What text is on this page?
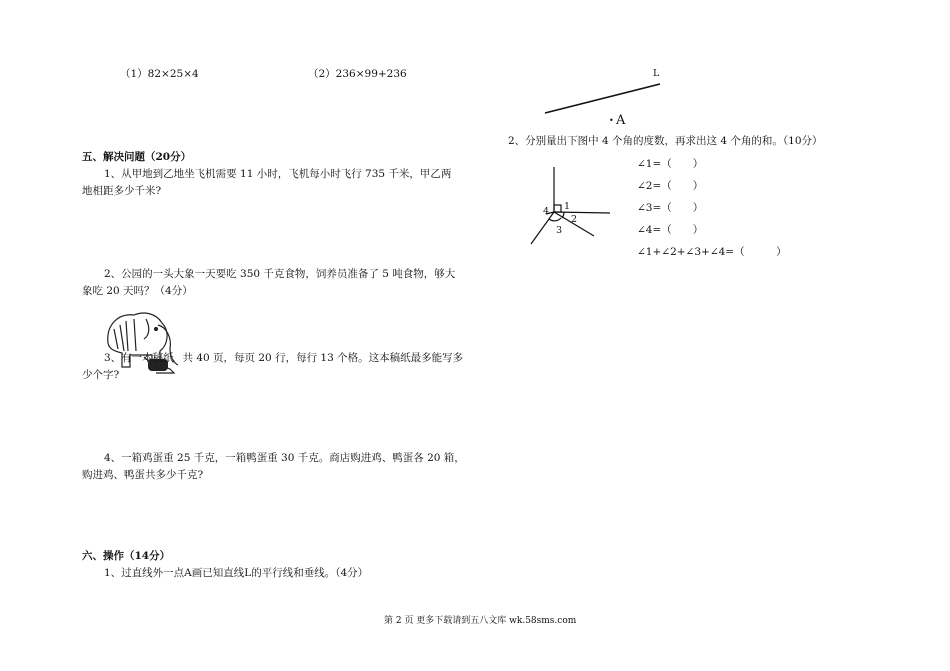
（1）82×25×4	（2）236×99+236
五、解决问题（20分）
1、从甲地到乙地坐飞机需要 11 小时，飞机每小时飞行 735 千米，甲乙两
地相距多少千米?
2、公园的一头大象一天要吃 350 千克食物，饲养员准备了 5 吨食物，够大
象吃 20 天吗？（4分）
3、有一本稿纸
，共 40 页，每页 20 行，每行 13 个格。这本稿纸最多能写多
少个字?
4、一箱鸡蛋重 25 千克，一箱鸭蛋重 30 千克。商店购进鸡、鸭蛋各 20 箱，
购进鸡、鸭蛋共多少千克?
六、操作（14分）
1、过直线外一点A画已知直线L的平行线和垂线。（4分）
L
• A
2、分别量出下图中 4 个角的度数，再求出这 4 个角的和。（10分）
1
2
3
4
∠1=（　　）
∠2=（　　）
∠3=（　　）
∠4=（　　）
∠1+∠2+∠3+∠4=（　　　）
第 2 页 更多下载请到五八文库 wk.58sms.com
